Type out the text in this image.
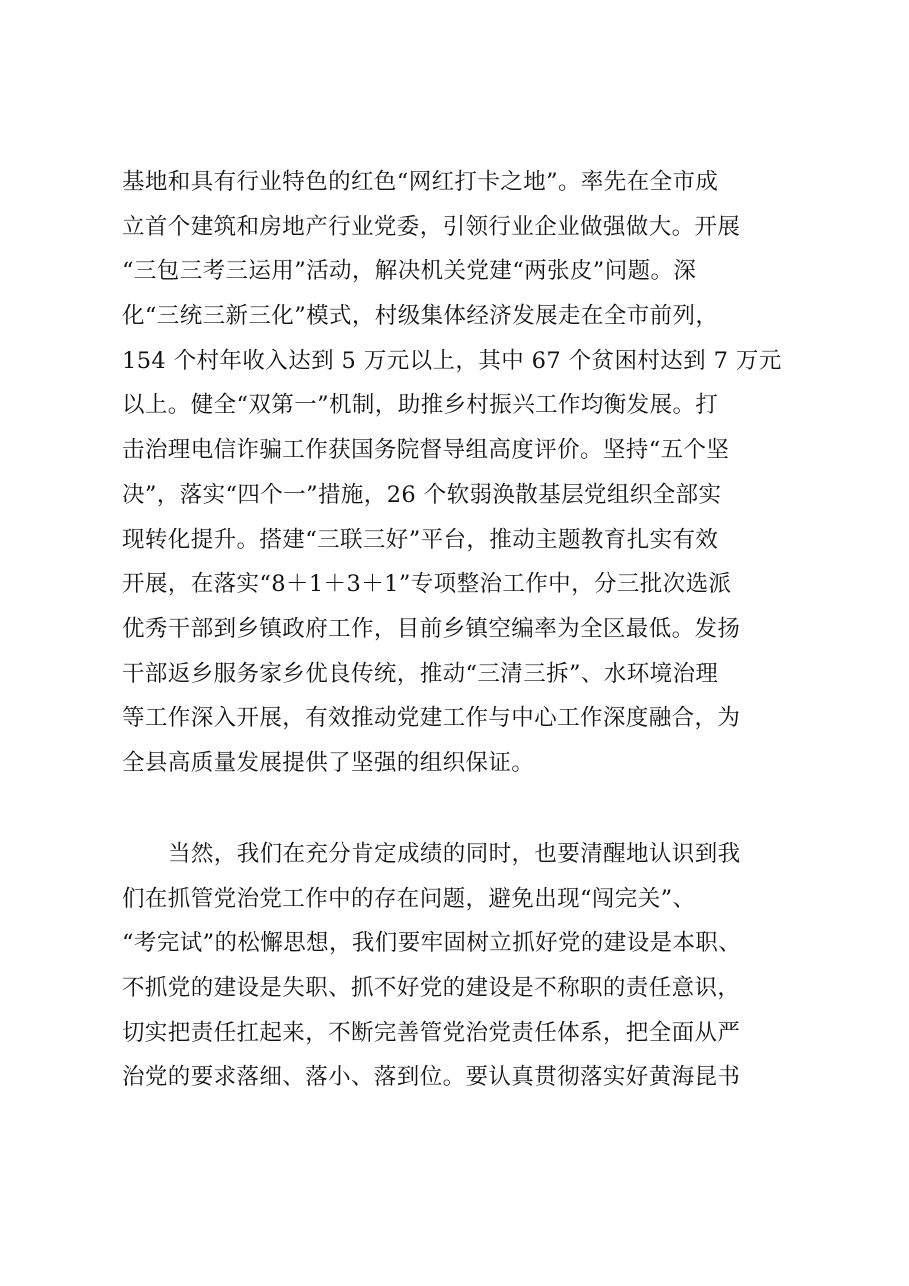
基地和具有行业特色的红色“网红打卡之地”。率先在全市成
立首个建筑和房地产行业党委，引领行业企业做强做大。开展
“三包三考三运用”活动，解决机关党建“两张皮”问题。深
化“三统三新三化”模式，村级集体经济发展走在全市前列，
154 个村年收入达到 5 万元以上，其中 67 个贫困村达到 7 万元
以上。健全“双第一”机制，助推乡村振兴工作均衡发展。打
击治理电信诈骗工作获国务院督导组高度评价。坚持“五个坚
决”，落实“四个一”措施，26 个软弱涣散基层党组织全部实
现转化提升。搭建“三联三好”平台，推动主题教育扎实有效
开展，在落实“8＋1＋3＋1”专项整治工作中，分三批次选派
优秀干部到乡镇政府工作，目前乡镇空编率为全区最低。发扬
干部返乡服务家乡优良传统，推动“三清三拆”、水环境治理
等工作深入开展，有效推动党建工作与中心工作深度融合，为
全县高质量发展提供了坚强的组织保证。
当然，我们在充分肯定成绩的同时，也要清醒地认识到我
们在抓管党治党工作中的存在问题，避免出现“闯完关”、
“考完试”的松懈思想，我们要牢固树立抓好党的建设是本职、
不抓党的建设是失职、抓不好党的建设是不称职的责任意识，
切实把责任扛起来，不断完善管党治党责任体系，把全面从严
治党的要求落细、落小、落到位。要认真贯彻落实好黄海昆书
